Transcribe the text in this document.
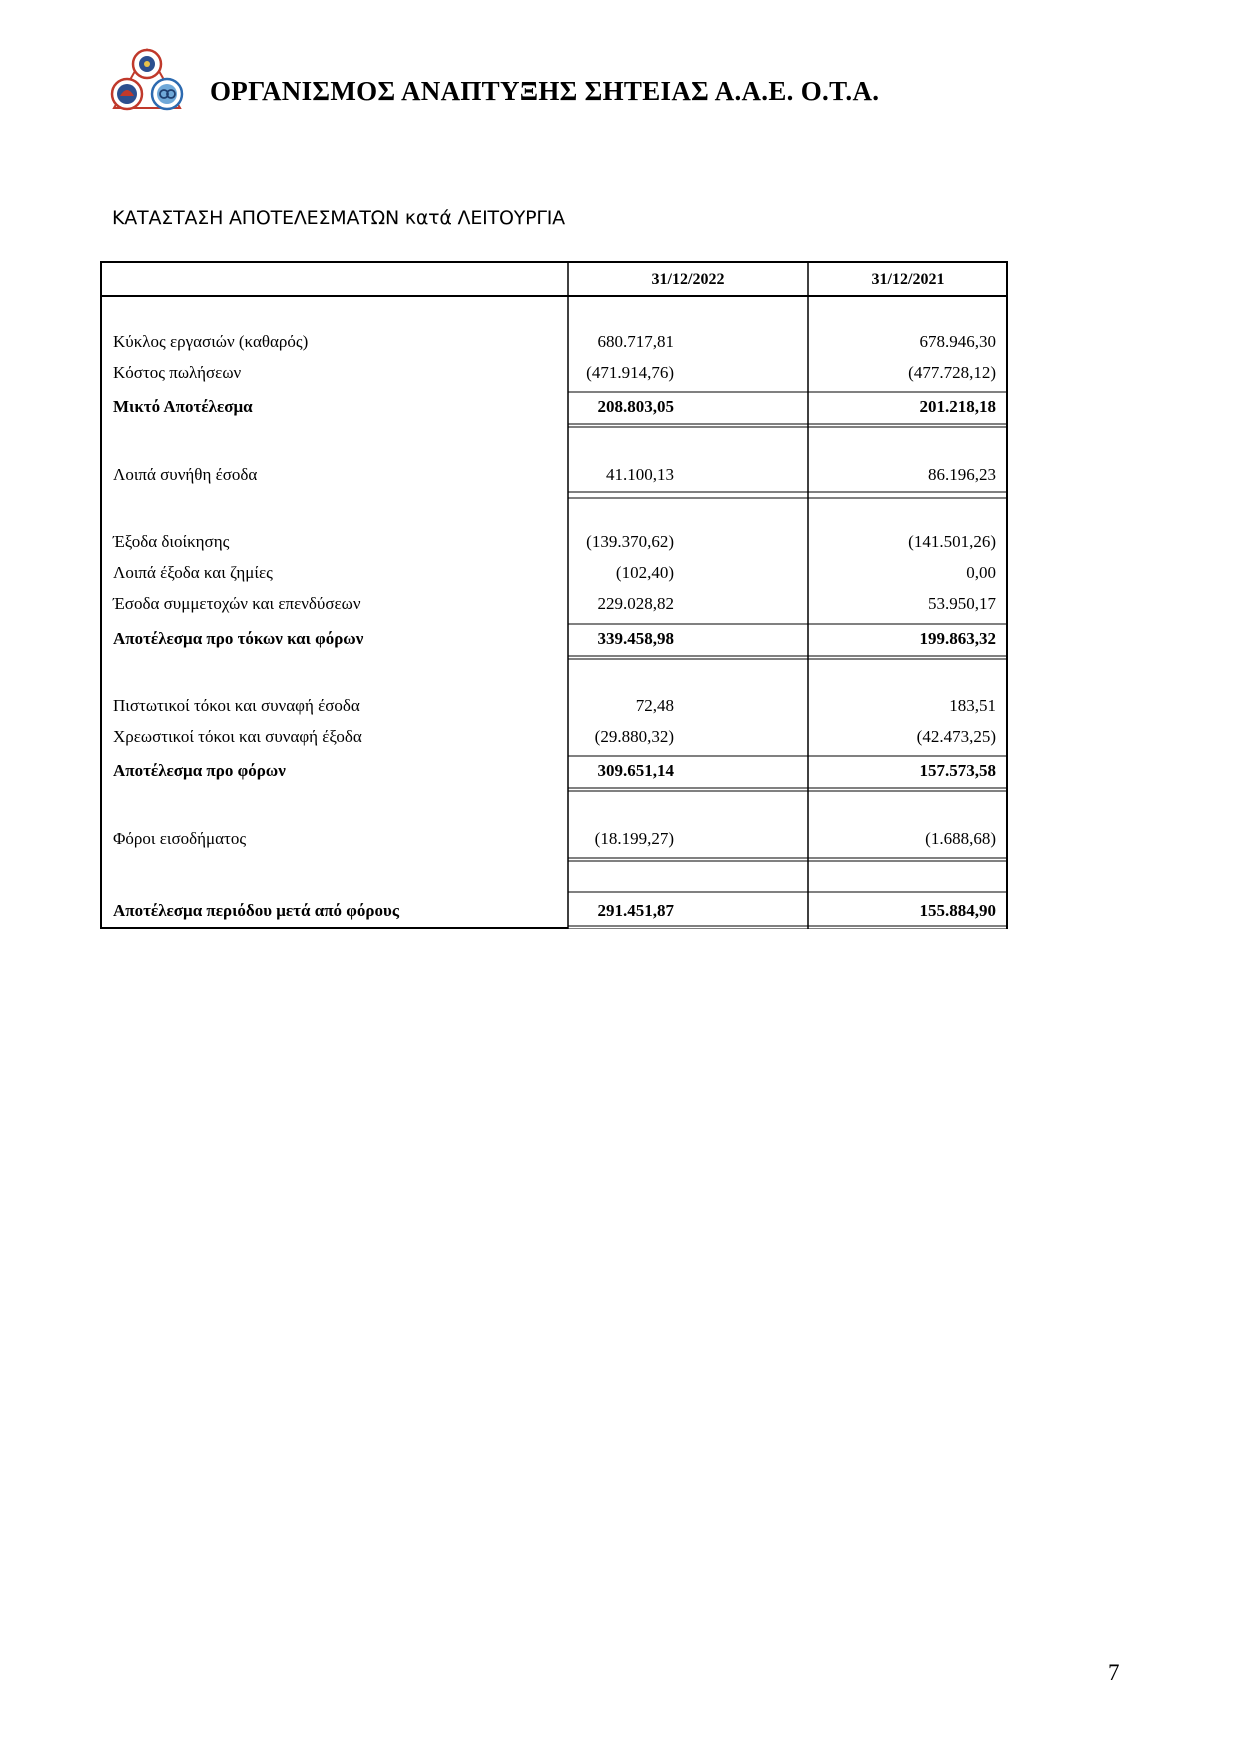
ΟΡΓΑΝΙΣΜΟΣ ΑΝΑΠΤΥΞΗΣ ΣΗΤΕΙΑΣ Α.Α.Ε. Ο.Τ.Α.
ΚΑΤΑΣΤΑΣΗ ΑΠΟΤΕΛΕΣΜΑΤΩΝ κατά ΛΕΙΤΟΥΡΓΙΑ
31/12/2022	31/12/2021
Κύκλος εργασιών (καθαρός)	680.717,81	678.946,30
Κόστος πωλήσεων	(471.914,76)	(477.728,12)
Μικτό Αποτέλεσμα	208.803,05	201.218,18
Λοιπά συνήθη έσοδα	41.100,13	86.196,23
Έξοδα διοίκησης	(139.370,62)	(141.501,26)
Λοιπά έξοδα και ζημίες	(102,40)	0,00
Έσοδα συμμετοχών και επενδύσεων	229.028,82	53.950,17
Αποτέλεσμα προ τόκων και φόρων	339.458,98	199.863,32
Πιστωτικοί τόκοι και συναφή έσοδα	72,48	183,51
Χρεωστικοί τόκοι και συναφή έξοδα	(29.880,32)	(42.473,25)
Αποτέλεσμα προ φόρων	309.651,14	157.573,58
Φόροι εισοδήματος	(18.199,27)	(1.688,68)
Αποτέλεσμα περιόδου μετά από φόρους	291.451,87	155.884,90
7
